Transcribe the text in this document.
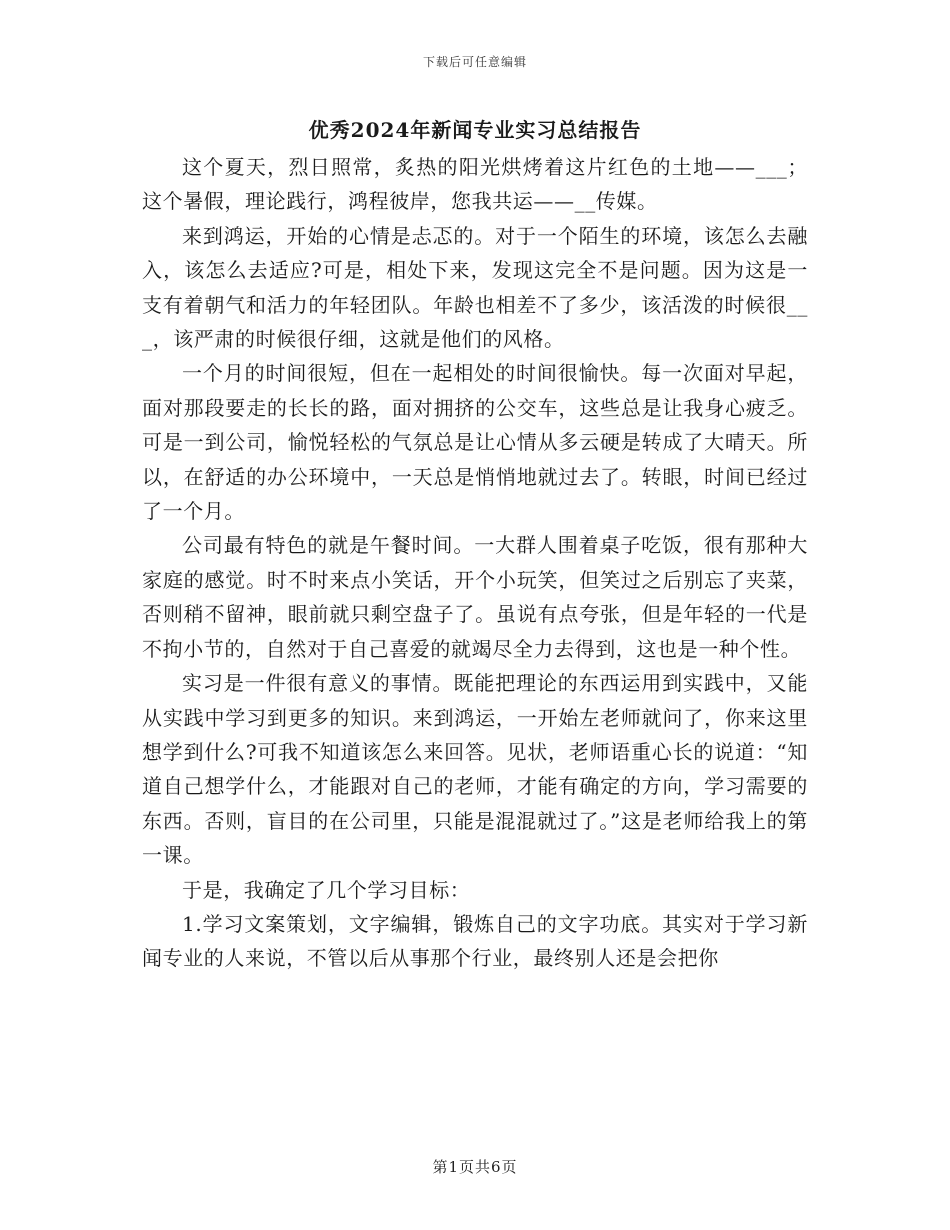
下载后可任意编辑
优秀2024年新闻专业实习总结报告

这个夏天，烈日照常，炙热的阳光烘烤着这片红色的土地——___；这个暑假，理论践行，鸿程彼岸，您我共运——__传媒。

来到鸿运，开始的心情是忐忑的。对于一个陌生的环境，该怎么去融入，该怎么去适应?可是，相处下来，发现这完全不是问题。因为这是一支有着朝气和活力的年轻团队。年龄也相差不了多少，该活泼的时候很___，该严肃的时候很仔细，这就是他们的风格。

一个月的时间很短，但在一起相处的时间很愉快。每一次面对早起，面对那段要走的长长的路，面对拥挤的公交车，这些总是让我身心疲乏。可是一到公司，愉悦轻松的气氛总是让心情从多云硬是转成了大晴天。所以，在舒适的办公环境中，一天总是悄悄地就过去了。转眼，时间已经过了一个月。

公司最有特色的就是午餐时间。一大群人围着桌子吃饭，很有那种大家庭的感觉。时不时来点小笑话，开个小玩笑，但笑过之后别忘了夹菜，否则稍不留神，眼前就只剩空盘子了。虽说有点夸张，但是年轻的一代是不拘小节的，自然对于自己喜爱的就竭尽全力去得到，这也是一种个性。

实习是一件很有意义的事情。既能把理论的东西运用到实践中，又能从实践中学习到更多的知识。来到鸿运，一开始左老师就问了，你来这里想学到什么?可我不知道该怎么来回答。见状，老师语重心长的说道：“知道自己想学什么，才能跟对自己的老师，才能有确定的方向，学习需要的东西。否则，盲目的在公司里，只能是混混就过了。”这是老师给我上的第一课。

于是，我确定了几个学习目标：

1.学习文案策划，文字编辑，锻炼自己的文字功底。其实对于学习新闻专业的人来说，不管以后从事那个行业，最终别人还是会把你

第1页共6页
